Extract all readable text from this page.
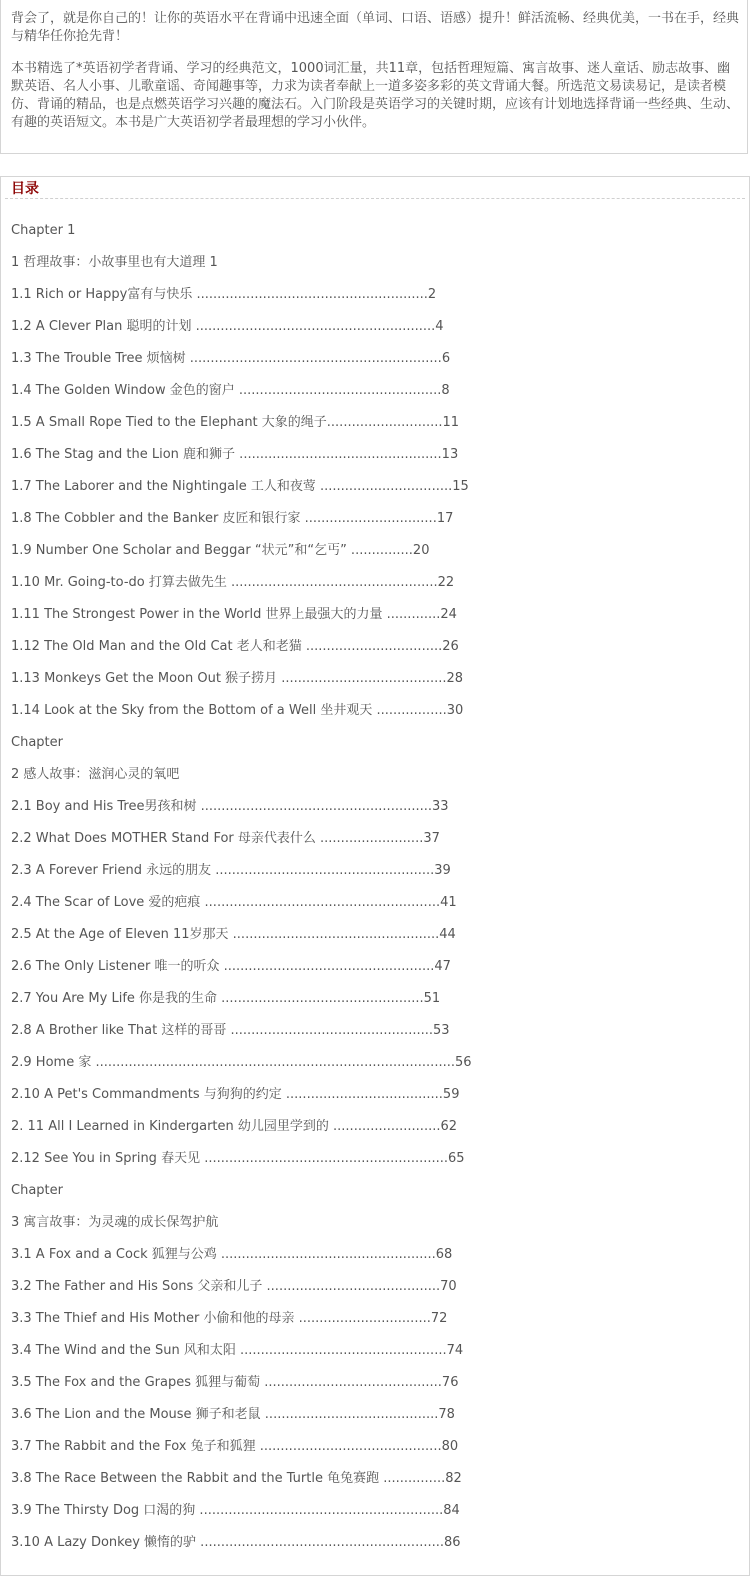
背会了，就是你自己的！让你的英语水平在背诵中迅速全面（单词、口语、语感）提升！鲜活流畅、经典优美，一书在手，经典与精华任你抢先背！

本书精选了*英语初学者背诵、学习的经典范文，1000词汇量，共11章，包括哲理短篇、寓言故事、迷人童话、励志故事、幽默英语、名人小事、儿歌童谣、奇闻趣事等，力求为读者奉献上一道多姿多彩的英文背诵大餐。所选范文易读易记，是读者模仿、背诵的精品，也是点燃英语学习兴趣的魔法石。入门阶段是英语学习的关键时期，应该有计划地选择背诵一些经典、生动、有趣的英语短文。本书是广大英语初学者最理想的学习小伙伴。

目录
Chapter 1
1 哲理故事：小故事里也有大道理 1
1.1 Rich or Happy富有与快乐 ........................................................2
1.2 A Clever Plan 聪明的计划 ..........................................................4
1.3 The Trouble Tree 烦恼树 .............................................................6
1.4 The Golden Window 金色的窗户 .................................................8
1.5 A Small Rope Tied to the Elephant 大象的绳子............................11
1.6 The Stag and the Lion 鹿和狮子 .................................................13
1.7 The Laborer and the Nightingale 工人和夜莺 ................................15
1.8 The Cobbler and the Banker 皮匠和银行家 ................................17
1.9 Number One Scholar and Beggar “状元”和“乞丐” ...............20
1.10 Mr. Going-to-do 打算去做先生 ..................................................22
1.11 The Strongest Power in the World 世界上最强大的力量 .............24
1.12 The Old Man and the Old Cat 老人和老猫 .................................26
1.13 Monkeys Get the Moon Out 猴子捞月 ........................................28
1.14 Look at the Sky from the Bottom of a Well 坐井观天 .................30
Chapter
2 感人故事：滋润心灵的氧吧
2.1 Boy and His Tree男孩和树 ........................................................33
2.2 What Does MOTHER Stand For 母亲代表什么 .........................37
2.3 A Forever Friend 永远的朋友 .....................................................39
2.4 The Scar of Love 爱的疤痕 .........................................................41
2.5 At the Age of Eleven 11岁那天 ..................................................44
2.6 The Only Listener 唯一的听众 ...................................................47
2.7 You Are My Life 你是我的生命 .................................................51
2.8 A Brother like That 这样的哥哥 .................................................53
2.9 Home 家 .......................................................................................56
2.10 A Pet's Commandments 与狗狗的约定 ......................................59
2. 11 All I Learned in Kindergarten 幼儿园里学到的 ..........................62
2.12 See You in Spring 春天见 ...........................................................65
Chapter
3 寓言故事：为灵魂的成长保驾护航
3.1 A Fox and a Cock 狐狸与公鸡 ....................................................68
3.2 The Father and His Sons 父亲和儿子 ..........................................70
3.3 The Thief and His Mother 小偷和他的母亲 ................................72
3.4 The Wind and the Sun 风和太阳 ..................................................74
3.5 The Fox and the Grapes 狐狸与葡萄 ...........................................76
3.6 The Lion and the Mouse 狮子和老鼠 ..........................................78
3.7 The Rabbit and the Fox 兔子和狐狸 ............................................80
3.8 The Race Between the Rabbit and the Turtle 龟兔赛跑 ...............82
3.9 The Thirsty Dog 口渴的狗 ...........................................................84
3.10 A Lazy Donkey 懒惰的驴 ...........................................................86
